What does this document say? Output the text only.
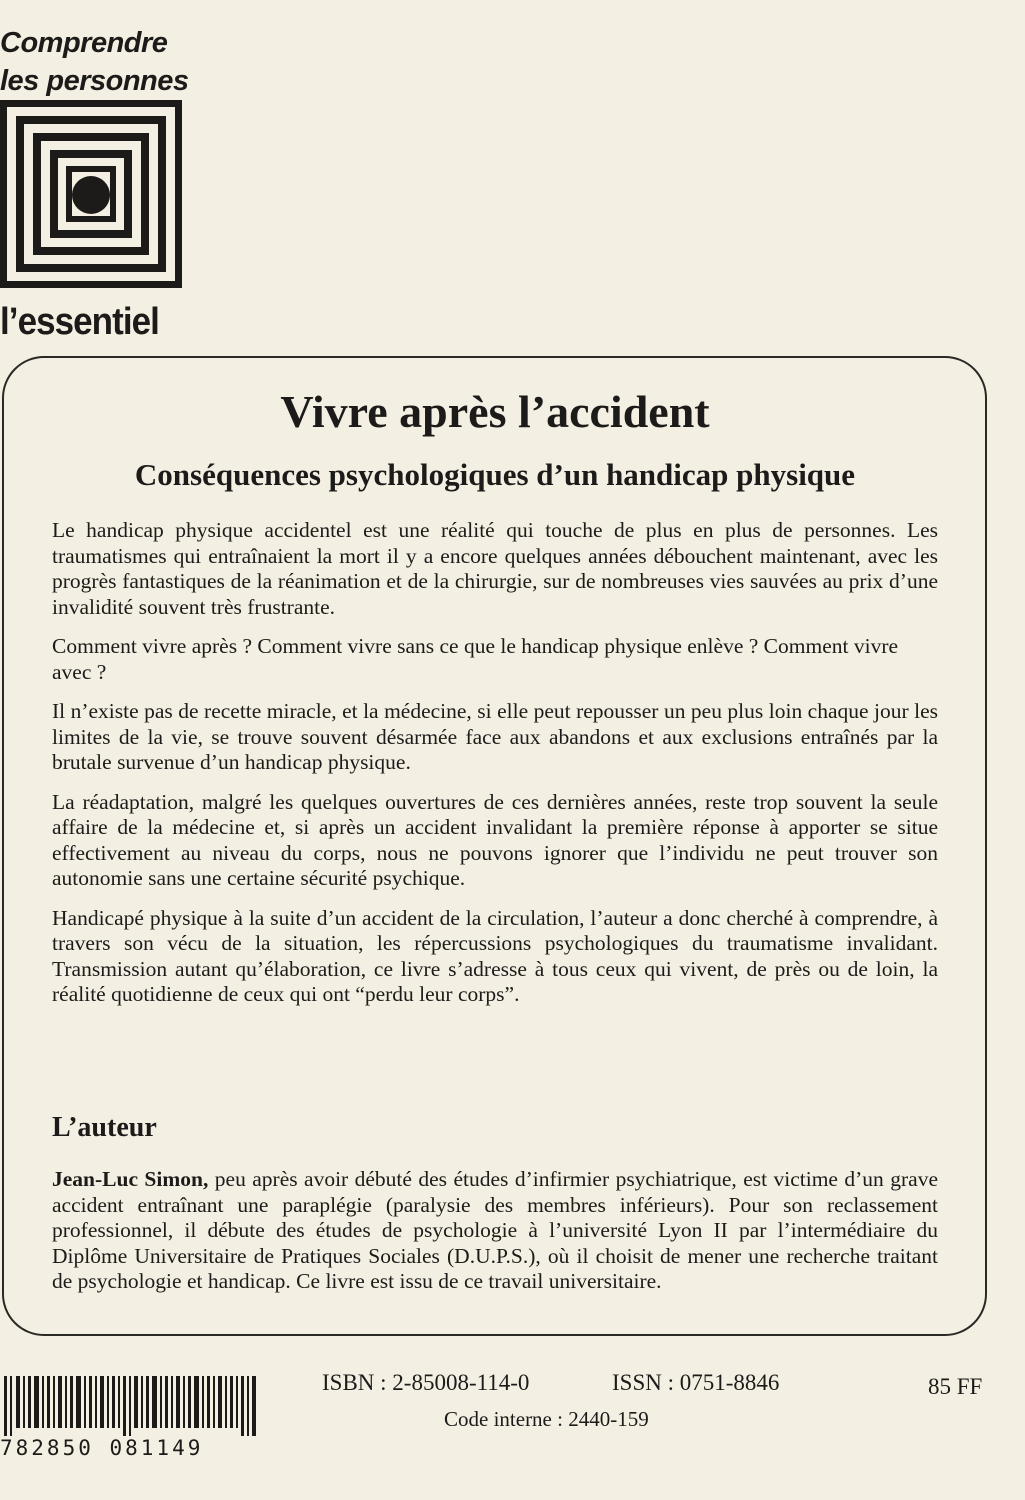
Comprendre
les personnes
l’essentiel
Vivre après l’accident
Conséquences psychologiques d’un handicap physique

Le handicap physique accidentel est une réalité qui touche de plus en plus de personnes. Les traumatismes qui entraînaient la mort il y a encore quelques années débouchent maintenant, avec les progrès fantastiques de la réanimation et de la chirurgie, sur de nombreuses vies sauvées au prix d’une invalidité souvent très frustrante.

Comment vivre après ? Comment vivre sans ce que le handicap physique enlève ? Comment vivre avec ?

Il n’existe pas de recette miracle, et la médecine, si elle peut repousser un peu plus loin chaque jour les limites de la vie, se trouve souvent désarmée face aux abandons et aux exclusions entraînés par la brutale survenue d’un handicap physique.

La réadaptation, malgré les quelques ouvertures de ces dernières années, reste trop souvent la seule affaire de la médecine et, si après un accident invalidant la première réponse à apporter se situe effectivement au niveau du corps, nous ne pouvons ignorer que l’individu ne peut trouver son autonomie sans une certaine sécurité psychique.

Handicapé physique à la suite d’un accident de la circulation, l’auteur a donc cherché à comprendre, à travers son vécu de la situation, les répercussions psychologiques du traumatisme invalidant. Transmission autant qu’élaboration, ce livre s’adresse à tous ceux qui vivent, de près ou de loin, la réalité quotidienne de ceux qui ont “perdu leur corps”.

L’auteur
Jean-Luc Simon, peu après avoir débuté des études d’infirmier psychiatrique, est victime d’un grave accident entraînant une paraplégie (paralysie des membres inférieurs). Pour son reclassement professionnel, il débute des études de psychologie à l’université Lyon II par l’intermédiaire du Diplôme Universitaire de Pratiques Sociales (D.U.P.S.), où il choisit de mener une recherche traitant de psychologie et handicap. Ce livre est issu de ce travail universitaire.
782850 081149
ISBN : 2-85008-114-0	ISSN : 0751-8846	85 FF
Code interne : 2440-159
